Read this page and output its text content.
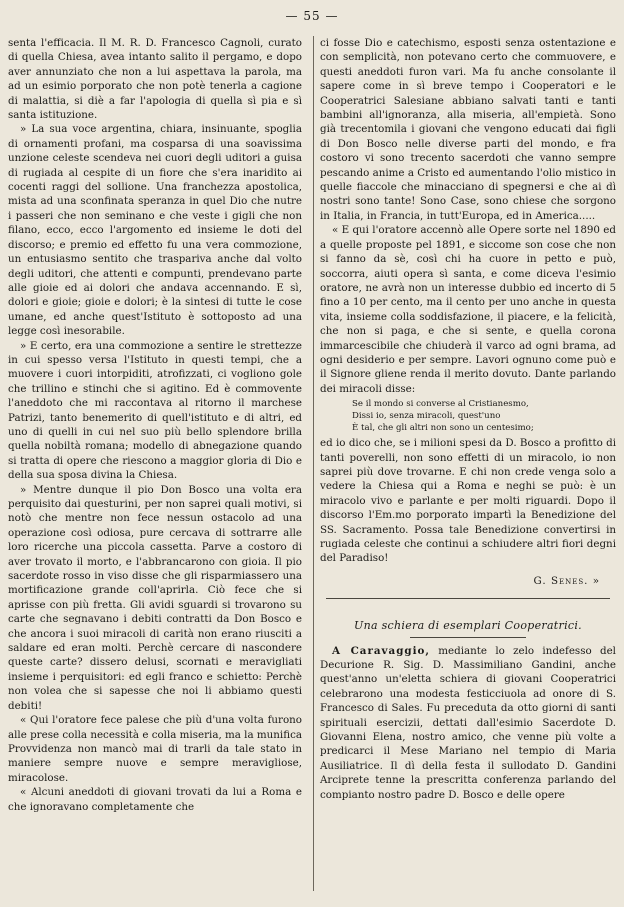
— 55 —

senta l'efficacia. Il M. R. D. Francesco Cagnoli, curato di quella Chiesa, avea intanto salito il pergamo, e dopo aver annunziato che non a lui aspettava la parola, ma ad un esimio porporato che non potè tenerla a cagione di malattia, si diè a far l'apologia di quella sì pia e sì santa istituzione.

» La sua voce argentina, chiara, insinuante, spoglia di ornamenti profani, ma cosparsa di una soavissima unzione celeste scendeva nei cuori degli uditori a guisa di rugiada al cespite di un fiore che s'era inaridito ai cocenti raggi del sollione. Una franchezza apostolica, mista ad una sconfinata speranza in quel Dio che nutre i passeri che non seminano e che veste i gigli che non filano, ecco, ecco l'argomento ed insieme le doti del discorso; e premio ed effetto fu una vera commozione, un entusiasmo sentito che traspariva anche dal volto degli uditori, che attenti e compunti, prendevano parte alle gioie ed ai dolori che andava accennando. E sì, dolori e gioie; gioie e dolori; è la sintesi di tutte le cose umane, ed anche quest'Istituto è sottoposto ad una legge così inesorabile.

» E certo, era una commozione a sentire le strettezze in cui spesso versa l'Istituto in questi tempi, che a muovere i cuori intorpiditi, atrofizzati, ci vogliono gole che trillino e stinchi che si agitino. Ed è commovente l'aneddoto che mi raccontava al ritorno il marchese Patrizi, tanto benemerito di quell'istituto e di altri, ed uno di quelli in cui nel suo più bello splendore brilla quella nobiltà romana; modello di abnegazione quando si tratta di opere che riescono a maggior gloria di Dio e della sua sposa divina la Chiesa.

» Mentre dunque il pio Don Bosco una volta era perquisito dai questurini, per non saprei quali motivi, si notò che mentre non fece nessun ostacolo ad una operazione così odiosa, pure cercava di sottrarre alle loro ricerche una piccola cassetta. Parve a costoro di aver trovato il morto, e l'abbrancarono con gioia. Il pio sacerdote rosso in viso disse che gli risparmiassero una mortificazione grande coll'aprirla. Ciò fece che si aprisse con più fretta. Gli avidi sguardi si trovarono su carte che segnavano i debiti contratti da Don Bosco e che ancora i suoi miracoli di carità non erano riusciti a saldare ed eran molti. Perchè cercare di nascondere queste carte? dissero delusi, scornati e meravigliati insieme i perquisitori: ed egli franco e schietto: Perchè non volea che si sapesse che noi li abbiamo questi debiti!

« Qui l'oratore fece palese che più d'una volta furono alle prese colla necessità e colla miseria, ma la munifica Provvidenza non mancò mai di trarli da tale stato in maniere sempre nuove e sempre meravigliose, miracolose.

« Alcuni aneddoti di giovani trovati da lui a Roma e che ignoravano completamente che

ci fosse Dio e catechismo, esposti senza ostentazione e con semplicità, non potevano certo che commuovere, e questi aneddoti furon vari. Ma fu anche consolante il sapere come in sì breve tempo i Cooperatori e le Cooperatrici Salesiane abbiano salvati tanti e tanti bambini all'ignoranza, alla miseria, all'empietà. Sono già trecentomila i giovani che vengono educati dai figli di Don Bosco nelle diverse parti del mondo, e fra costoro vi sono trecento sacerdoti che vanno sempre pescando anime a Cristo ed aumentando l'olio mistico in quelle fiaccole che minacciano di spegnersi e che ai dì nostri sono tante! Sono Case, sono chiese che sorgono in Italia, in Francia, in tutt'Europa, ed in America.....

« E qui l'oratore accennò alle Opere sorte nel 1890 ed a quelle proposte pel 1891, e siccome son cose che non si fanno da sè, così chi ha cuore in petto e può, soccorra, aiuti opera sì santa, e come diceva l'esimio oratore, ne avrà non un interesse dubbio ed incerto di 5 fino a 10 per cento, ma il cento per uno anche in questa vita, insieme colla soddisfazione, il piacere, e la felicità, che non si paga, e che si sente, e quella corona immarcescibile che chiuderà il varco ad ogni brama, ad ogni desiderio e per sempre. Lavori ognuno come può e il Signore gliene renda il merito dovuto. Dante parlando dei miracoli disse:

Se il mondo si converse al Cristianesmo,
Dissi io, senza miracoli, quest'uno
È tal, che gli altri non sono un centesimo;

ed io dico che, se i milioni spesi da D. Bosco a profitto di tanti poverelli, non sono effetti di un miracolo, io non saprei più dove trovarne. E chi non crede venga solo a vedere la Chiesa qui a Roma e neghi se può: è un miracolo vivo e parlante e per molti riguardi. Dopo il discorso l'Em.mo porporato impartì la Benedizione del SS. Sacramento. Possa tale Benedizione convertirsi in rugiada celeste che continui a schiudere altri fiori degni del Paradiso!

G. Senes. »
Una schiera di esemplari Cooperatrici.

A Caravaggio, mediante lo zelo indefesso del Decurione R. Sig. D. Massimiliano Gandini, anche quest'anno un'eletta schiera di giovani Cooperatrici celebrarono una modesta festicciuola ad onore di S. Francesco di Sales. Fu preceduta da otto giorni di santi spirituali esercizii, dettati dall'esimio Sacerdote D. Giovanni Elena, nostro amico, che venne più volte a predicarci il Mese Mariano nel tempio di Maria Ausiliatrice. Il dì della festa il sullodato D. Gandini Arciprete tenne la prescritta conferenza parlando del compianto nostro padre D. Bosco e delle opere
